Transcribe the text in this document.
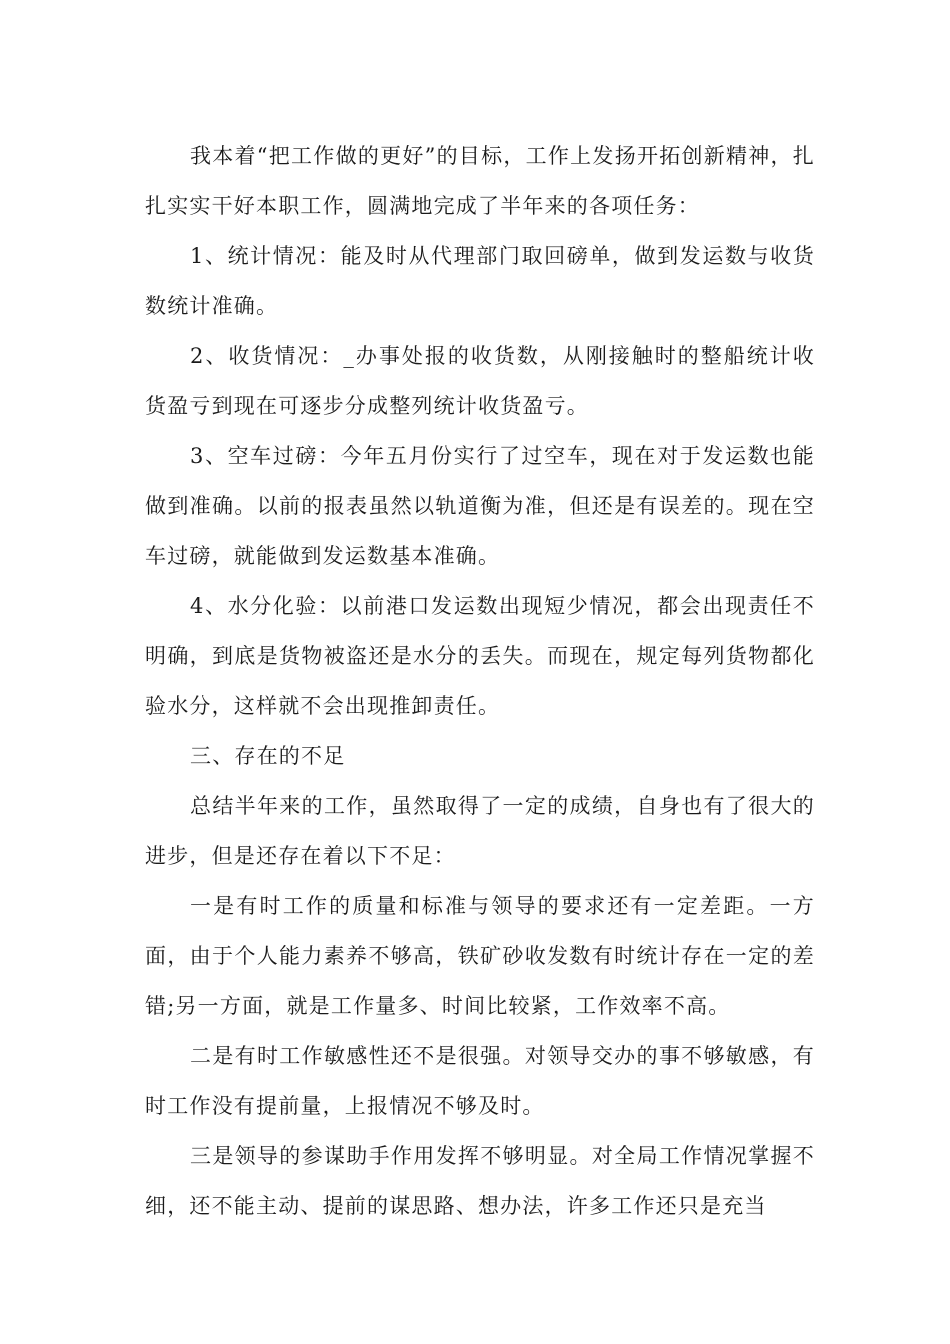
我本着“把工作做的更好”的目标，工作上发扬开拓创新精神，扎扎实实干好本职工作，圆满地完成了半年来的各项任务：

1、统计情况：能及时从代理部门取回磅单，做到发运数与收货数统计准确。

2、收货情况：_办事处报的收货数，从刚接触时的整船统计收货盈亏到现在可逐步分成整列统计收货盈亏。

3、空车过磅：今年五月份实行了过空车，现在对于发运数也能做到准确。以前的报表虽然以轨道衡为准，但还是有误差的。现在空车过磅，就能做到发运数基本准确。

4、水分化验：以前港口发运数出现短少情况，都会出现责任不明确，到底是货物被盗还是水分的丢失。而现在，规定每列货物都化验水分，这样就不会出现推卸责任。

三、存在的不足

总结半年来的工作，虽然取得了一定的成绩，自身也有了很大的进步，但是还存在着以下不足：

一是有时工作的质量和标准与领导的要求还有一定差距。一方面，由于个人能力素养不够高，铁矿砂收发数有时统计存在一定的差错;另一方面，就是工作量多、时间比较紧，工作效率不高。

二是有时工作敏感性还不是很强。对领导交办的事不够敏感，有时工作没有提前量，上报情况不够及时。

三是领导的参谋助手作用发挥不够明显。对全局工作情况掌握不细，还不能主动、提前的谋思路、想办法，许多工作还只是充当
